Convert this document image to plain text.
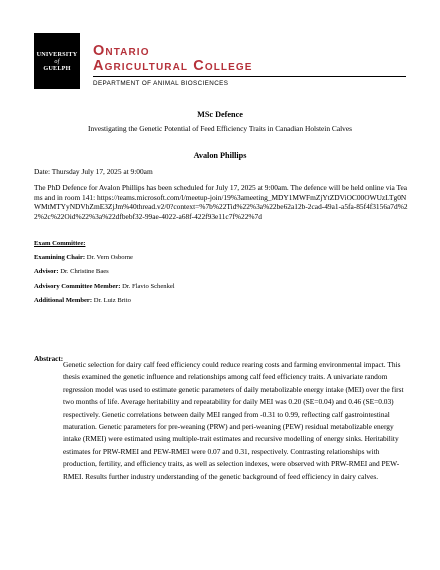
UNIVERSITY
of
GUELPH
Ontario
Agricultural College
DEPARTMENT OF ANIMAL BIOSCIENCES
MSc Defence
Investigating the Genetic Potential of Feed Efficiency Traits in Canadian Holstein Calves
Avalon Phillips
Date: Thursday July 17, 2025 at 9:00am
The PhD Defence for Avalon Phillips has been scheduled for July 17, 2025 at 9:00am. The defence will be held online via Teams and in room 141: https://teams.microsoft.com/l/meetup-join/19%3ameeting_MDY1MWFmZjYtZDViOC00OWUzLTg0NWMtMTYyNDVhZmE3ZjJm%40thread.v2/0?context=%7b%22Tid%22%3a%22be62a12b-2cad-49a1-a5fa-85f4f3156a7d%22%2c%22Oid%22%3a%22dfbebf32-99ae-4022-a68f-422f93e11c7f%22%7d
Exam Committee:
Examining Chair: Dr. Vern Osborne
Advisor: Dr. Christine Baes
Advisory Committee Member: Dr. Flavio Schenkel
Additional Member: Dr. Luiz Brito
Abstract:
Genetic selection for dairy calf feed efficiency could reduce rearing costs and farming environmental impact. This thesis examined the genetic influence and relationships among calf feed efficiency traits. A univariate random regression model was used to estimate genetic parameters of daily metabolizable energy intake (MEI) over the first two months of life. Average heritability and repeatability for daily MEI was 0.20 (SE=0.04) and 0.46 (SE=0.03) respectively. Genetic correlations between daily MEI ranged from -0.31 to 0.99, reflecting calf gastrointestinal maturation. Genetic parameters for pre-weaning (PRW) and peri-weaning (PEW) residual metabolizable energy intake (RMEI) were estimated using multiple-trait estimates and recursive modelling of energy sinks. Heritability estimates for PRW-RMEI and PEW-RMEI were 0.07 and 0.31, respectively. Contrasting relationships with production, fertility, and efficiency traits, as well as selection indexes, were observed with PRW-RMEI and PEW-RMEI. Results further industry understanding of the genetic background of feed efficiency in dairy calves.
